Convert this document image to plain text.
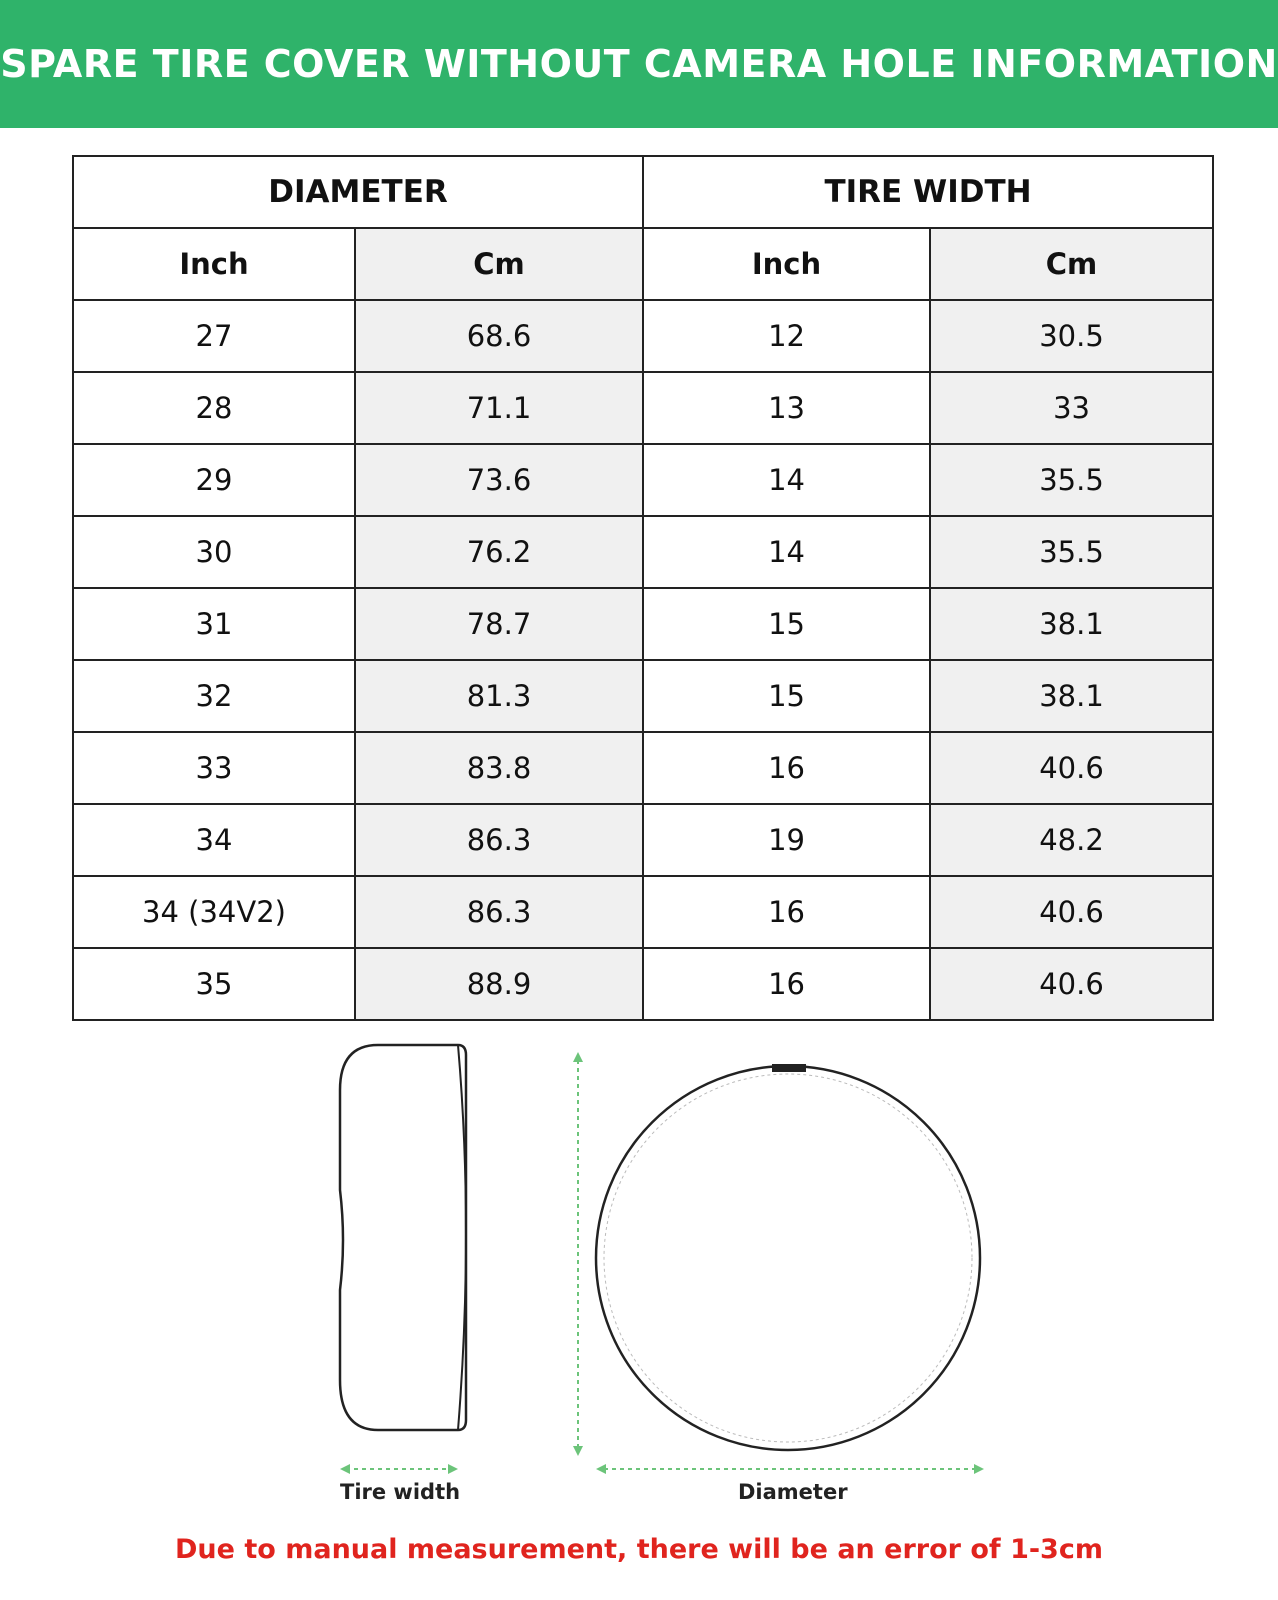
SPARE TIRE COVER WITHOUT CAMERA HOLE INFORMATION
DIAMETER		TIRE WIDTH	
Inch	Cm	Inch	Cm
27	68.6	12	30.5
28	71.1	13	33
29	73.6	14	35.5
30	76.2	14	35.5
31	78.7	15	38.1
32	81.3	15	38.1
33	83.8	16	40.6
34	86.3	19	48.2
34 (34V2)	86.3	16	40.6
35	88.9	16	40.6
Tire width	Diameter
Due to manual measurement, there will be an error of 1-3cm
